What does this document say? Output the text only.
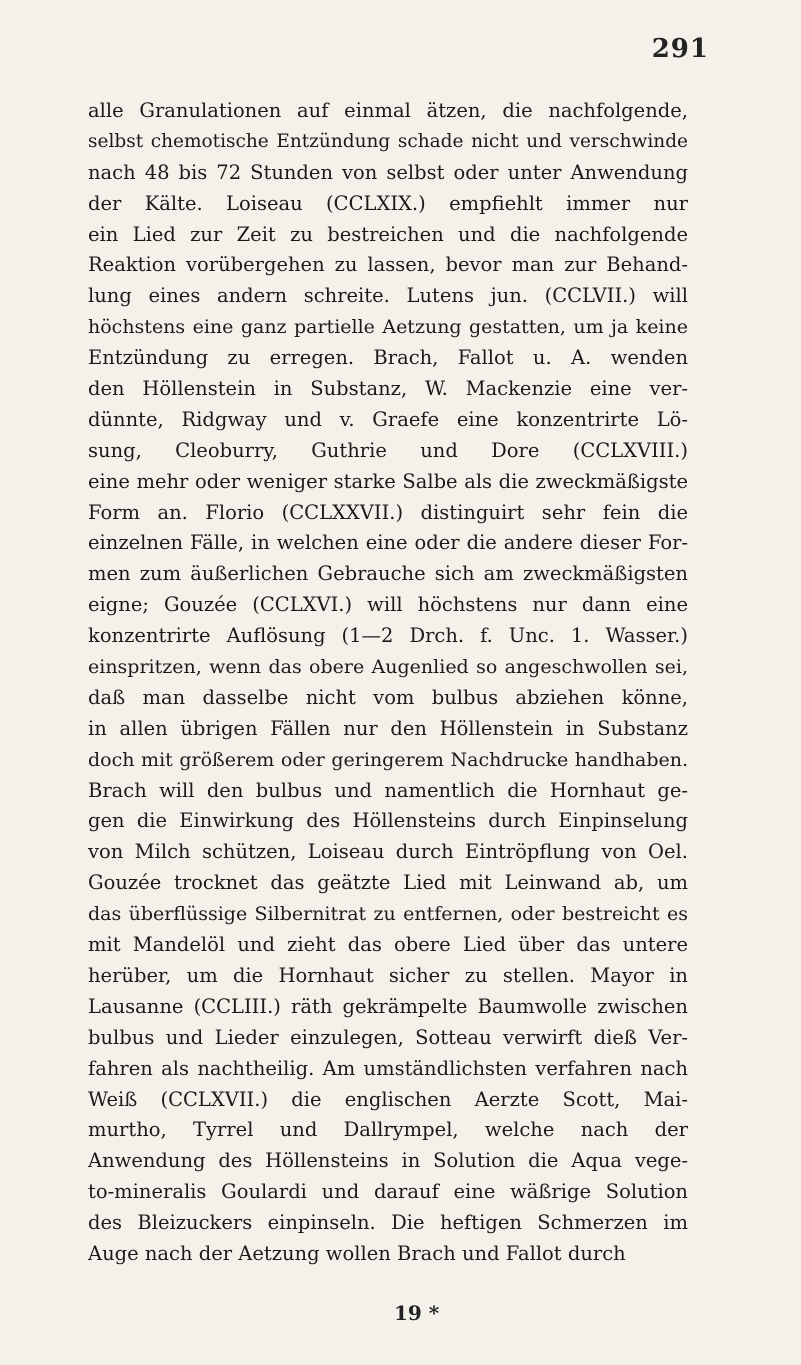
291
alle Granulationen auf einmal ätzen, die nachfolgende,
selbst chemotische Entzündung schade nicht und verschwinde
nach 48 bis 72 Stunden von selbst oder unter Anwendung
der Kälte. Loiseau (CCLXIX.) empfiehlt immer nur
ein Lied zur Zeit zu bestreichen und die nachfolgende
Reaktion vorübergehen zu lassen, bevor man zur Behand-
lung eines andern schreite. Lutens jun. (CCLVII.) will
höchstens eine ganz partielle Aetzung gestatten, um ja keine
Entzündung zu erregen. Brach, Fallot u. A. wenden
den Höllenstein in Substanz, W. Mackenzie eine ver-
dünnte, Ridgway und v. Graefe eine konzentrirte Lö-
sung, Cleoburry, Guthrie und Dore (CCLXVIII.)
eine mehr oder weniger starke Salbe als die zweckmäßigste
Form an. Florio (CCLXXVII.) distinguirt sehr fein die
einzelnen Fälle, in welchen eine oder die andere dieser For-
men zum äußerlichen Gebrauche sich am zweckmäßigsten
eigne; Gouzée (CCLXVI.) will höchstens nur dann eine
konzentrirte Auflösung (1—2 Drch. f. Unc. 1. Wasser.)
einspritzen, wenn das obere Augenlied so angeschwollen sei,
daß man dasselbe nicht vom bulbus abziehen könne,
in allen übrigen Fällen nur den Höllenstein in Substanz
doch mit größerem oder geringerem Nachdrucke handhaben.
Brach will den bulbus und namentlich die Hornhaut ge-
gen die Einwirkung des Höllensteins durch Einpinselung
von Milch schützen, Loiseau durch Eintröpflung von Oel.
Gouzée trocknet das geätzte Lied mit Leinwand ab, um
das überflüssige Silbernitrat zu entfernen, oder bestreicht es
mit Mandelöl und zieht das obere Lied über das untere
herüber, um die Hornhaut sicher zu stellen. Mayor in
Lausanne (CCLIII.) räth gekrämpelte Baumwolle zwischen
bulbus und Lieder einzulegen, Sotteau verwirft dieß Ver-
fahren als nachtheilig. Am umständlichsten verfahren nach
Weiß (CCLXVII.) die englischen Aerzte Scott, Mai-
murtho, Tyrrel und Dallrympel, welche nach der
Anwendung des Höllensteins in Solution die Aqua vege-
to-mineralis Goulardi und darauf eine wäßrige Solution
des Bleizuckers einpinseln. Die heftigen Schmerzen im
Auge nach der Aetzung wollen Brach und Fallot durch
19 *
